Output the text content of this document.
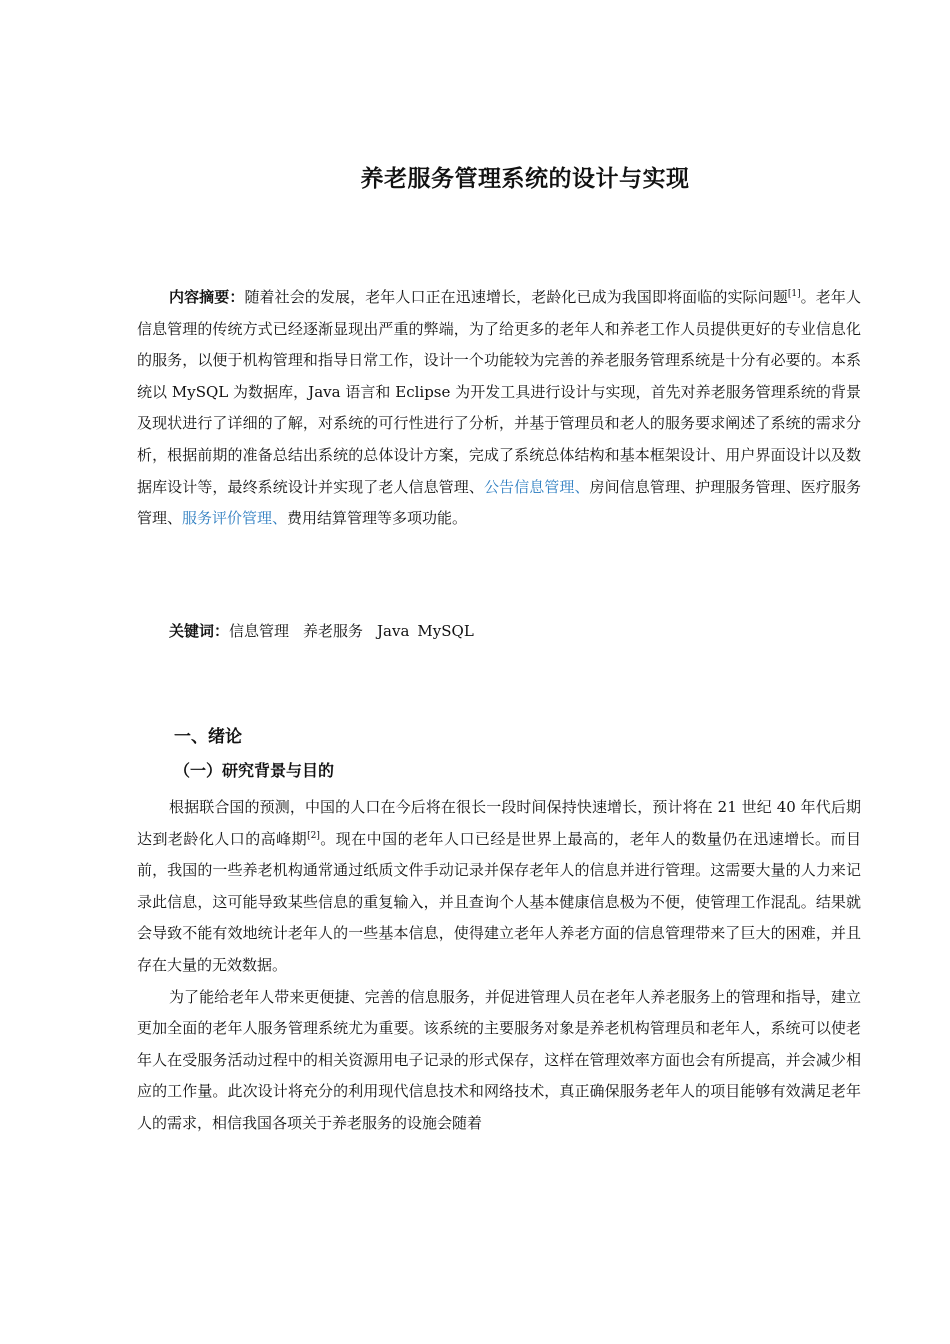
养老服务管理系统的设计与实现
内容摘要：随着社会的发展，老年人口正在迅速增长，老龄化已成为我国即将面临的实际问题[1]。老年人信息管理的传统方式已经逐渐显现出严重的弊端，为了给更多的老年人和养老工作人员提供更好的专业信息化的服务，以便于机构管理和指导日常工作，设计一个功能较为完善的养老服务管理系统是十分有必要的。本系统以 MySQL 为数据库，Java 语言和 Eclipse 为开发工具进行设计与实现，首先对养老服务管理系统的背景及现状进行了详细的了解，对系统的可行性进行了分析，并基于管理员和老人的服务要求阐述了系统的需求分析，根据前期的准备总结出系统的总体设计方案，完成了系统总体结构和基本框架设计、用户界面设计以及数据库设计等，最终系统设计并实现了老人信息管理、公告信息管理、房间信息管理、护理服务管理、医疗服务管理、服务评价管理、费用结算管理等多项功能。
关键词：信息管理 养老服务 Java MySQL
一、绪论
（一）研究背景与目的

根据联合国的预测，中国的人口在今后将在很长一段时间保持快速增长，预计将在 21 世纪 40 年代后期达到老龄化人口的高峰期[2]。现在中国的老年人口已经是世界上最高的，老年人的数量仍在迅速增长。而目前，我国的一些养老机构通常通过纸质文件手动记录并保存老年人的信息并进行管理。这需要大量的人力来记录此信息，这可能导致某些信息的重复输入，并且查询个人基本健康信息极为不便，使管理工作混乱。结果就会导致不能有效地统计老年人的一些基本信息，使得建立老年人养老方面的信息管理带来了巨大的困难，并且存在大量的无效数据。

为了能给老年人带来更便捷、完善的信息服务，并促进管理人员在老年人养老服务上的管理和指导，建立更加全面的老年人服务管理系统尤为重要。该系统的主要服务对象是养老机构管理员和老年人，系统可以使老年人在受服务活动过程中的相关资源用电子记录的形式保存，这样在管理效率方面也会有所提高，并会减少相应的工作量。此次设计将充分的利用现代信息技术和网络技术，真正确保服务老年人的项目能够有效满足老年人的需求，相信我国各项关于养老服务的设施会随着
